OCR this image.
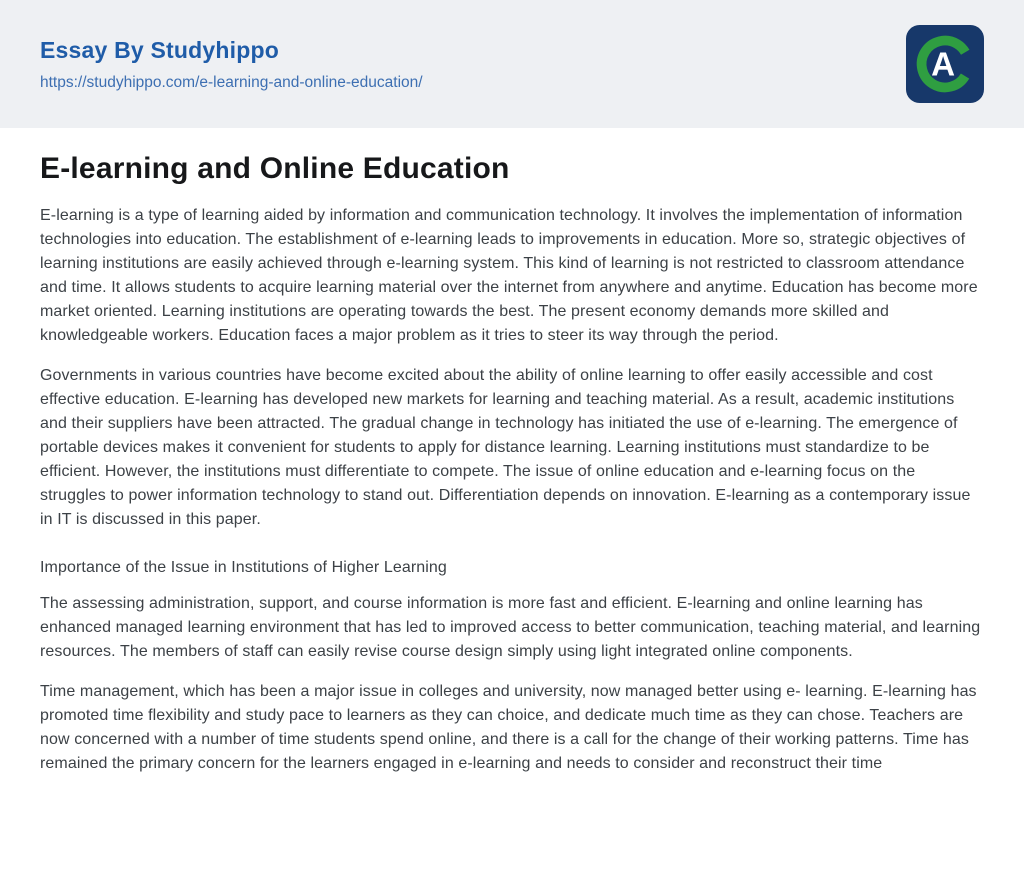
Essay By Studyhippo
https://studyhippo.com/e-learning-and-online-education/	A
E-learning and Online Education

E-learning is a type of learning aided by information and communication technology. It involves the implementation of information technologies into education. The establishment of e-learning leads to improvements in education. More so, strategic objectives of learning institutions are easily achieved through e-learning system. This kind of learning is not restricted to classroom attendance and time. It allows students to acquire learning material over the internet from anywhere and anytime. Education has become more market oriented. Learning institutions are operating towards the best. The present economy demands more skilled and knowledgeable workers. Education faces a major problem as it tries to steer its way through the period.

Governments in various countries have become excited about the ability of online learning to offer easily accessible and cost effective education. E-learning has developed new markets for learning and teaching material. As a result, academic institutions and their suppliers have been attracted. The gradual change in technology has initiated the use of e-learning. The emergence of portable devices makes it convenient for students to apply for distance learning. Learning institutions must standardize to be efficient. However, the institutions must differentiate to compete. The issue of online education and e-learning focus on the struggles to power information technology to stand out. Differentiation depends on innovation. E-learning as a contemporary issue in IT is discussed in this paper.

Importance of the Issue in Institutions of Higher Learning

The assessing administration, support, and course information is more fast and efficient. E-learning and online learning has enhanced managed learning environment that has led to improved access to better communication, teaching material, and learning resources. The members of staff can easily revise course design simply using light integrated online components.

Time management, which has been a major issue in colleges and university, now managed better using e- learning. E-learning has promoted time flexibility and study pace to learners as they can choice, and dedicate much time as they can chose. Teachers are now concerned with a number of time students spend online, and there is a call for the change of their working patterns. Time has remained the primary concern for the learners engaged in e-learning and needs to consider and reconstruct their time
